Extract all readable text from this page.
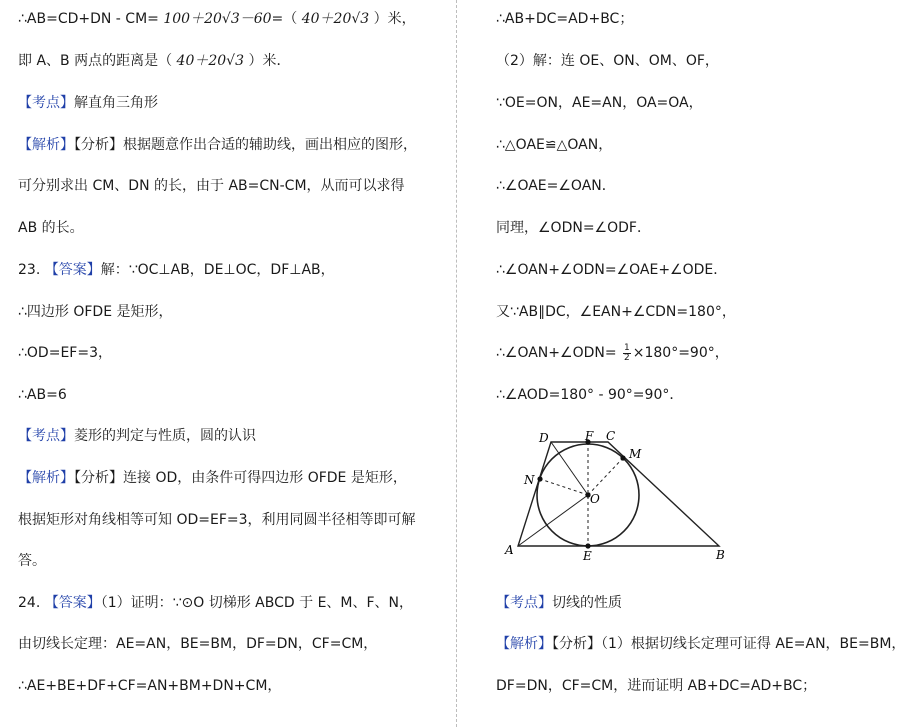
∴AB=CD+DN - CM= 100＋20√3－60=（ 40＋20√3 ）米，
即 A、B 两点的距离是（ 40＋20√3 ）米．
【考点】解直角三角形
【解析】【分析】根据题意作出合适的辅助线，画出相应的图形，
可分别求出 CM、DN 的长，由于 AB=CN-CM，从而可以求得
AB 的长。
23. 【答案】解：∵OC⊥AB，DE⊥OC，DF⊥AB，
∴四边形 OFDE 是矩形，
∴OD=EF=3，
∴AB=6
【考点】菱形的判定与性质，圆的认识
【解析】【分析】连接 OD，由条件可得四边形 OFDE 是矩形，
根据矩形对角线相等可知 OD=EF=3，利用同圆半径相等即可解
答。
24. 【答案】（1）证明：∵⊙O 切梯形 ABCD 于 E、M、F、N，
由切线长定理：AE=AN，BE=BM，DF=DN，CF=CM，
∴AE+BE+DF+CF=AN+BM+DN+CM，
∴AB+DC=AD+BC；
（2）解：连 OE、ON、OM、OF，
∵OE=ON，AE=AN，OA=OA，
∴△OAE≌△OAN，
∴∠OAE=∠OAN．
同理，∠ODN=∠ODF．
∴∠OAN+∠ODN=∠OAE+∠ODE．
又∵AB∥DC，∠EAN+∠CDN=180°，
∴∠OAN+∠ODN= $\frac{1}{2} \times 180^\circ=90^\circ$，
∴∠AOD=180° - 90°=90°．
D	F C
M
N
O
A	E	B
【考点】切线的性质
【解析】【分析】（1）根据切线长定理可证得 AE=AN，BE=BM，
DF=DN，CF=CM，进而证明 AB+DC=AD+BC；
